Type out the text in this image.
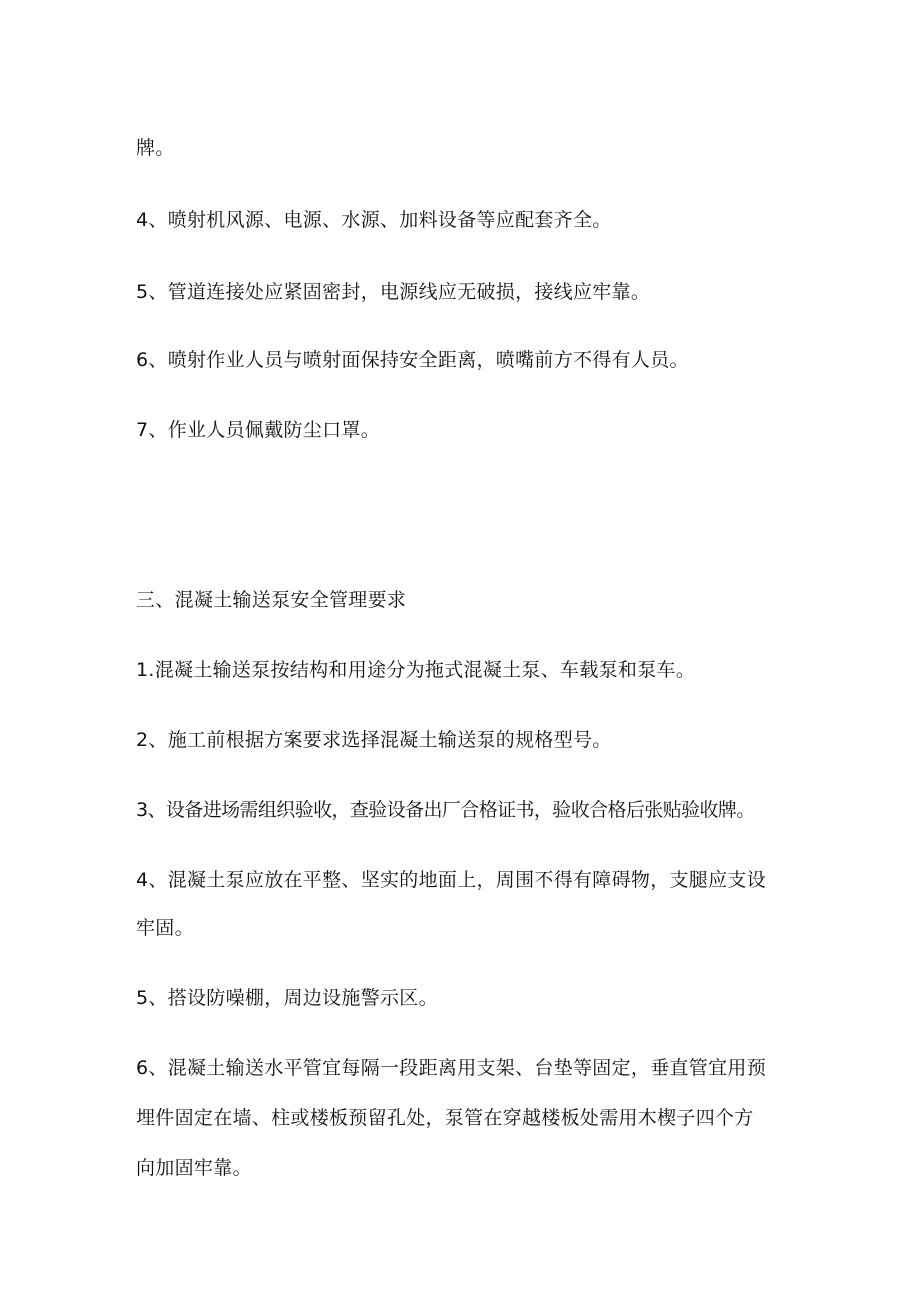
牌。
4、喷射机风源、电源、水源、加料设备等应配套齐全。
5、管道连接处应紧固密封，电源线应无破损，接线应牢靠。
6、喷射作业人员与喷射面保持安全距离，喷嘴前方不得有人员。
7、作业人员佩戴防尘口罩。
三、混凝土输送泵安全管理要求
1.混凝土输送泵按结构和用途分为拖式混凝土泵、车载泵和泵车。
2、施工前根据方案要求选择混凝土输送泵的规格型号。
3、设备进场需组织验收，查验设备出厂合格证书，验收合格后张贴验收牌。
4、混凝土泵应放在平整、坚实的地面上，周围不得有障碍物，支腿应支设
牢固。
5、搭设防噪棚，周边设施警示区。
6、混凝土输送水平管宜每隔一段距离用支架、台垫等固定，垂直管宜用预
埋件固定在墙、柱或楼板预留孔处，泵管在穿越楼板处需用木楔子四个方
向加固牢靠。
